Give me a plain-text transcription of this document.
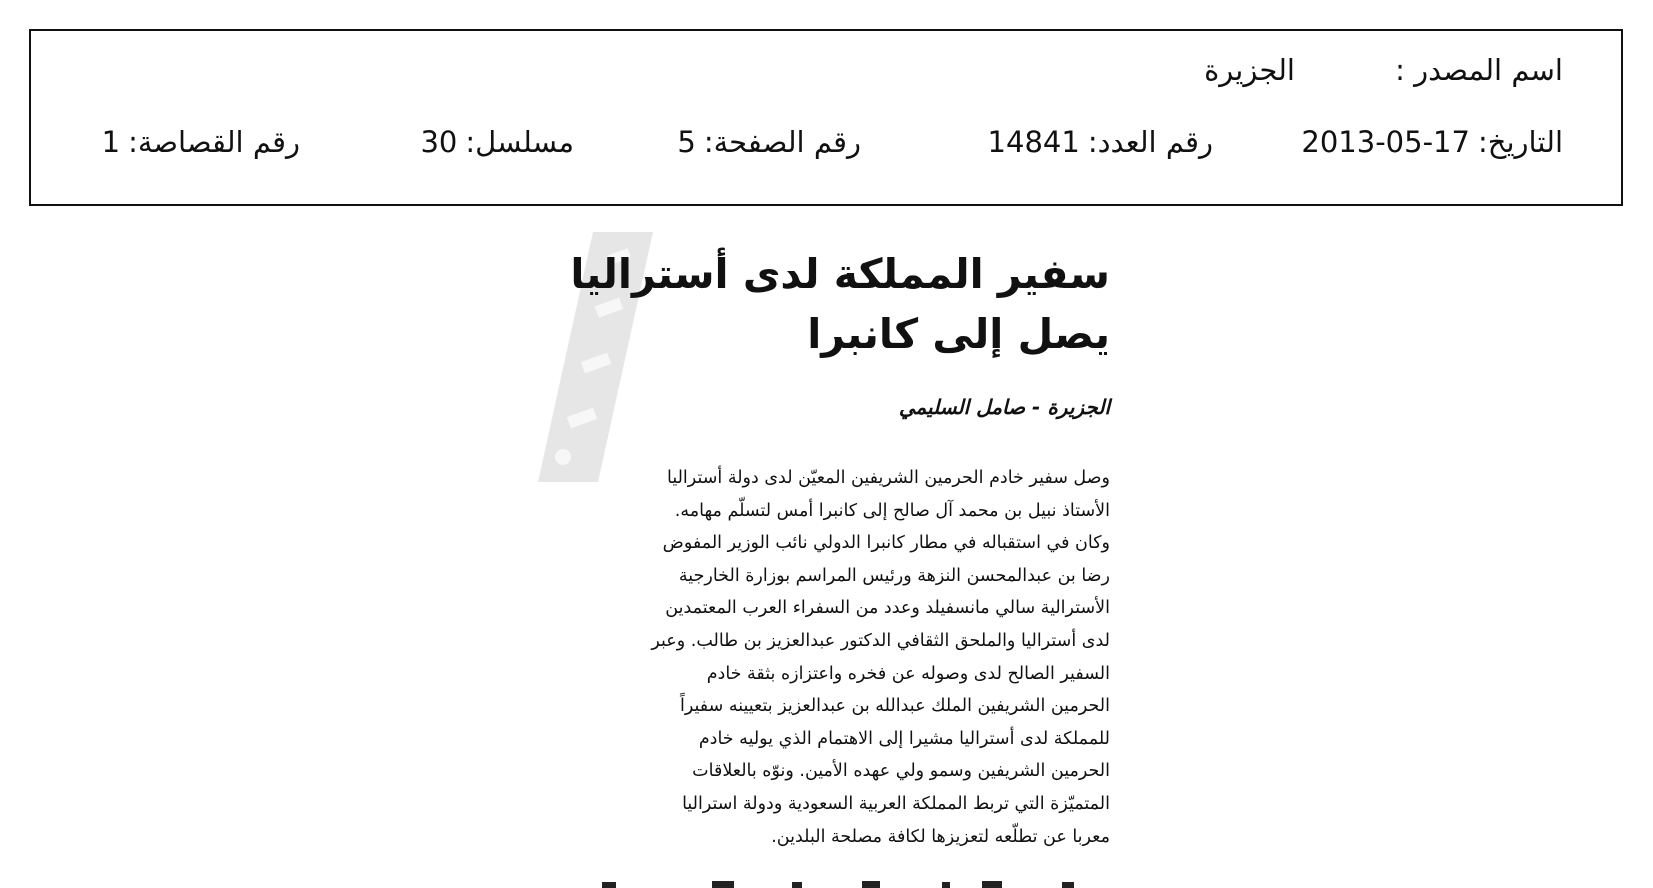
اسم المصدر :
الجزيرة
التاريخ:
2013-05-17
رقم العدد:
14841
رقم الصفحة:
5
مسلسل:
30
رقم القصاصة:
1
سفير المملكة لدى أستراليا
يصل إلى كانبرا
الجزيرة - صامل السليمي
وصل سفير خادم الحرمين الشريفين المعيّن لدى دولة أستراليا
الأستاذ نبيل بن محمد آل صالح إلى كانبرا أمس لتسلّم مهامه.
وكان في استقباله في مطار كانبرا الدولي نائب الوزير المفوض
رضا بن عبدالمحسن النزهة ورئيس المراسم بوزارة الخارجية
الأسترالية سالي مانسفيلد وعدد من السفراء العرب المعتمدين
لدى أستراليا والملحق الثقافي الدكتور عبدالعزيز بن طالب. وعبر
السفير الصالح لدى وصوله عن فخره واعتزازه بثقة خادم
الحرمين الشريفين الملك عبدالله بن عبدالعزيز بتعيينه سفيراً
للمملكة لدى أستراليا مشيرا إلى الاهتمام الذي يوليه خادم
الحرمين الشريفين وسمو ولي عهده الأمين. ونوّه بالعلاقات
المتميّزة التي تربط المملكة العربية السعودية ودولة استراليا
معربا عن تطلّعه لتعزيزها لكافة مصلحة البلدين.
